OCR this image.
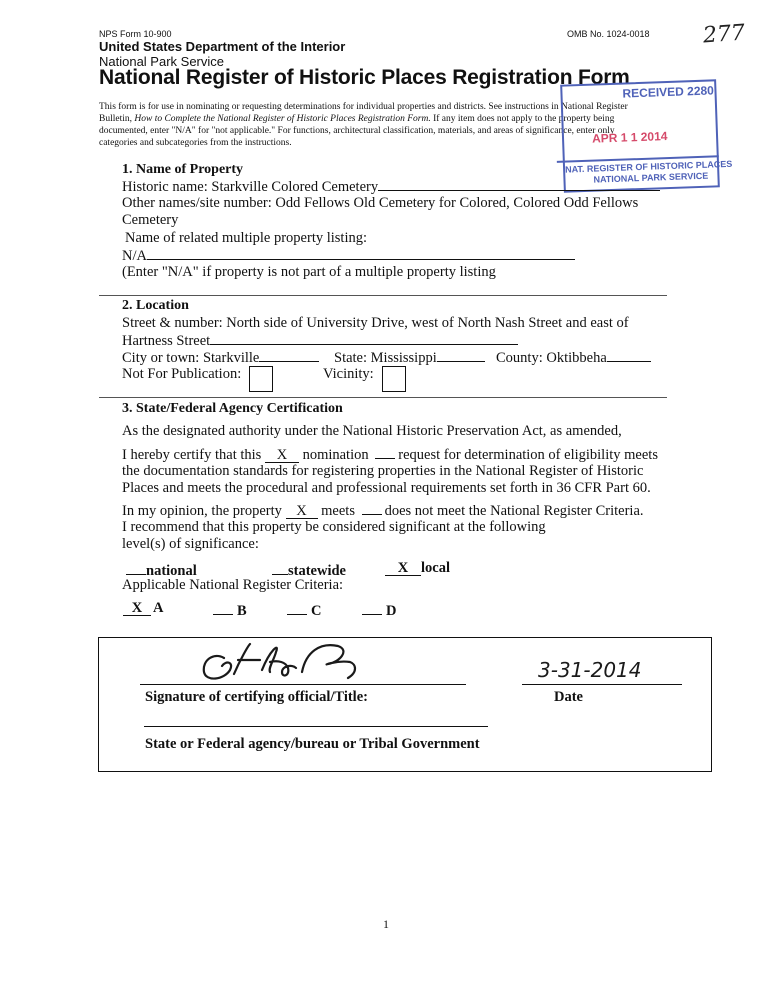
NPS Form 10-900	OMB No. 1024-0018 277
United States Department of the Interior
National Park Service
National Register of Historic Places Registration Form
This form is for use in nominating or requesting determinations for individual properties and districts. See instructions in National Register
Bulletin, How to Complete the National Register of Historic Places Registration Form. If any item does not apply to the property being
documented, enter "N/A" for "not applicable." For functions, architectural classification, materials, and areas of significance, enter only
categories and subcategories from the instructions.
RECEIVED 2280
APR 1 1 2014
NAT. REGISTER OF HISTORIC PLACES
NATIONAL PARK SERVICE
1. Name of Property
Historic name: Starkville Colored Cemetery
Other names/site number: Odd Fellows Old Cemetery for Colored, Colored Odd Fellows
Cemetery
Name of related multiple property listing:
N/A
(Enter "N/A" if property is not part of a multiple property listing
2. Location
Street & number: North side of University Drive, west of North Nash Street and east of
Hartness Street
City or town: Starkville	State: Mississippi	County: Oktibbeha
Not For Publication:	Vicinity:
3. State/Federal Agency Certification
As the designated authority under the National Historic Preservation Act, as amended,
I hereby certify that this X nomination request for determination of eligibility meets
the documentation standards for registering properties in the National Register of Historic
Places and meets the procedural and professional requirements set forth in 36 CFR Part 60.
In my opinion, the property X meets does not meet the National Register Criteria.
I recommend that this property be considered significant at the following
level(s) of significance:
national	statewide	X local
Applicable National Register Criteria:
X A	B	C	D
3-31-2014
Signature of certifying official/Title:	Date
State or Federal agency/bureau or Tribal Government
1
